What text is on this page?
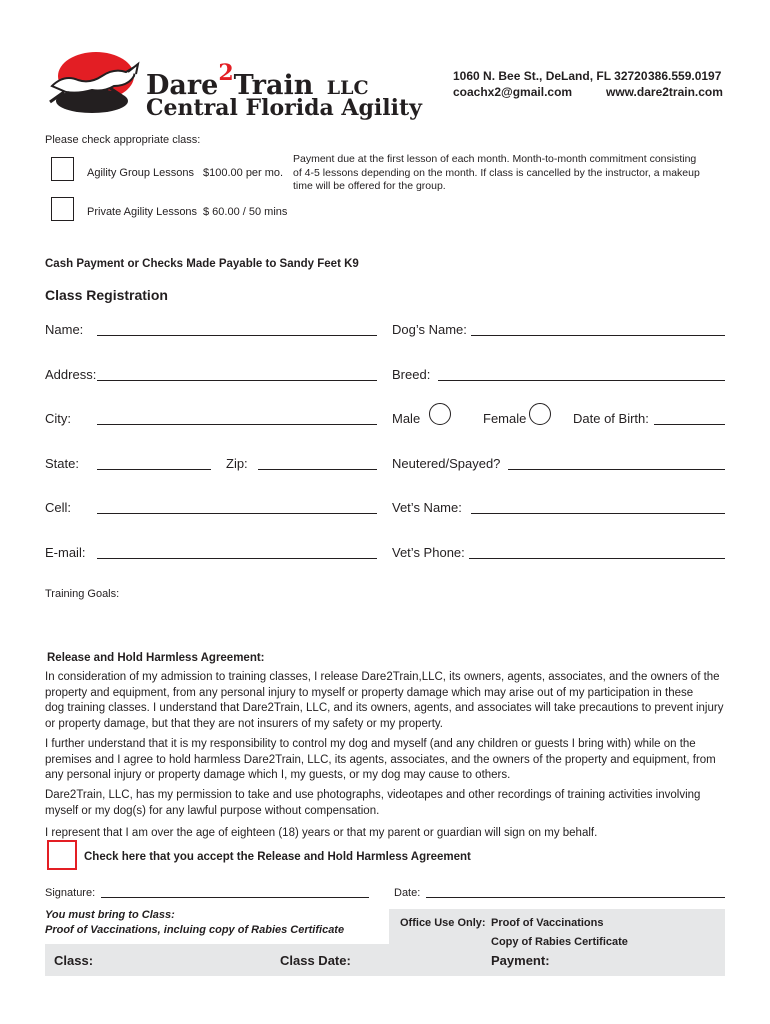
Dare$^2$Train LLC
Central Florida Agility
1060 N. Bee St., DeLand, FL 32720 386.559.0197
coachx2@gmail.com	www.dare2train.com
Please check appropriate class:
Agility Group Lessons $100.00 per mo.
Payment due at the first lesson of each month. Month-to-month commitment consisting
of 4-5 lessons depending on the month. If class is cancelled by the instructor, a makeup
time will be offered for the group.
Private Agility Lessons $ 60.00 / 50 mins
Cash Payment or Checks Made Payable to Sandy Feet K9
Class Registration
Name:	Dog’s Name:
Address:	Breed:
City:	Male	Female	Date of Birth:
State:	Zip:	Neutered/Spayed?
Cell:	Vet’s Name:
E-mail:	Vet’s Phone:
Training Goals:
Release and Hold Harmless Agreement:
In consideration of my admission to training classes, I release Dare2Train,LLC, its owners, agents, associates, and the owners of the
property and equipment, from any personal injury to myself or property damage which may arise out of my participation in these
dog training classes. I understand that Dare2Train, LLC, and its owners, agents, and associates will take precautions to prevent injury
or property damage, but that they are not insurers of my safety or my property.
I further understand that it is my responsibility to control my dog and myself (and any children or guests I bring with) while on the
premises and I agree to hold harmless Dare2Train, LLC, its agents, associates, and the owners of the property and equipment, from
any personal injury or property damage which I, my guests, or my dog may cause to others.
Dare2Train, LLC, has my permission to take and use photographs, videotapes and other recordings of training activities involving
myself or my dog(s) for any lawful purpose without compensation.
I represent that I am over the age of eighteen (18) years or that my parent or guardian will sign on my behalf.
Check here that you accept the Release and Hold Harmless Agreement
Signature:	Date:
You must bring to Class:
Proof of Vaccinations, incluing copy of Rabies Certificate
Office Use Only: Proof of Vaccinations
Copy of Rabies Certificate
Class:	Class Date:	Payment:
